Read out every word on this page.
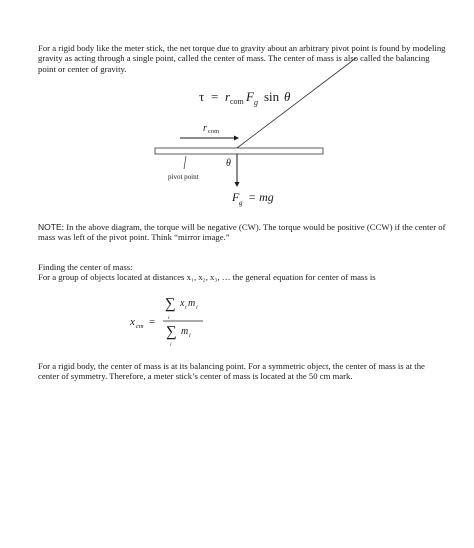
For a rigid body like the meter stick, the net torque due to gravity about an arbitrary pivot point is found by modeling gravity as acting through a single point, called the center of mass. The center of mass is also called the balancing point or center of gravity.

τ = r com F g sin θ
r com
θ
pivot point
F g = mg
x cm =
∑
i
x i m i
∑
i
m i

NOTE: In the above diagram, the torque will be negative (CW). The torque would be positive (CCW) if the center of mass was left of the pivot point. Think “mirror image.”

Finding the center of mass:

For a group of objects located at distances x₁, x₂, x₃, … the general equation for center of mass is

For a rigid body, the center of mass is at its balancing point. For a symmetric object, the center of mass is at the center of symmetry. Therefore, a meter stick’s center of mass is located at the 50 cm mark.
